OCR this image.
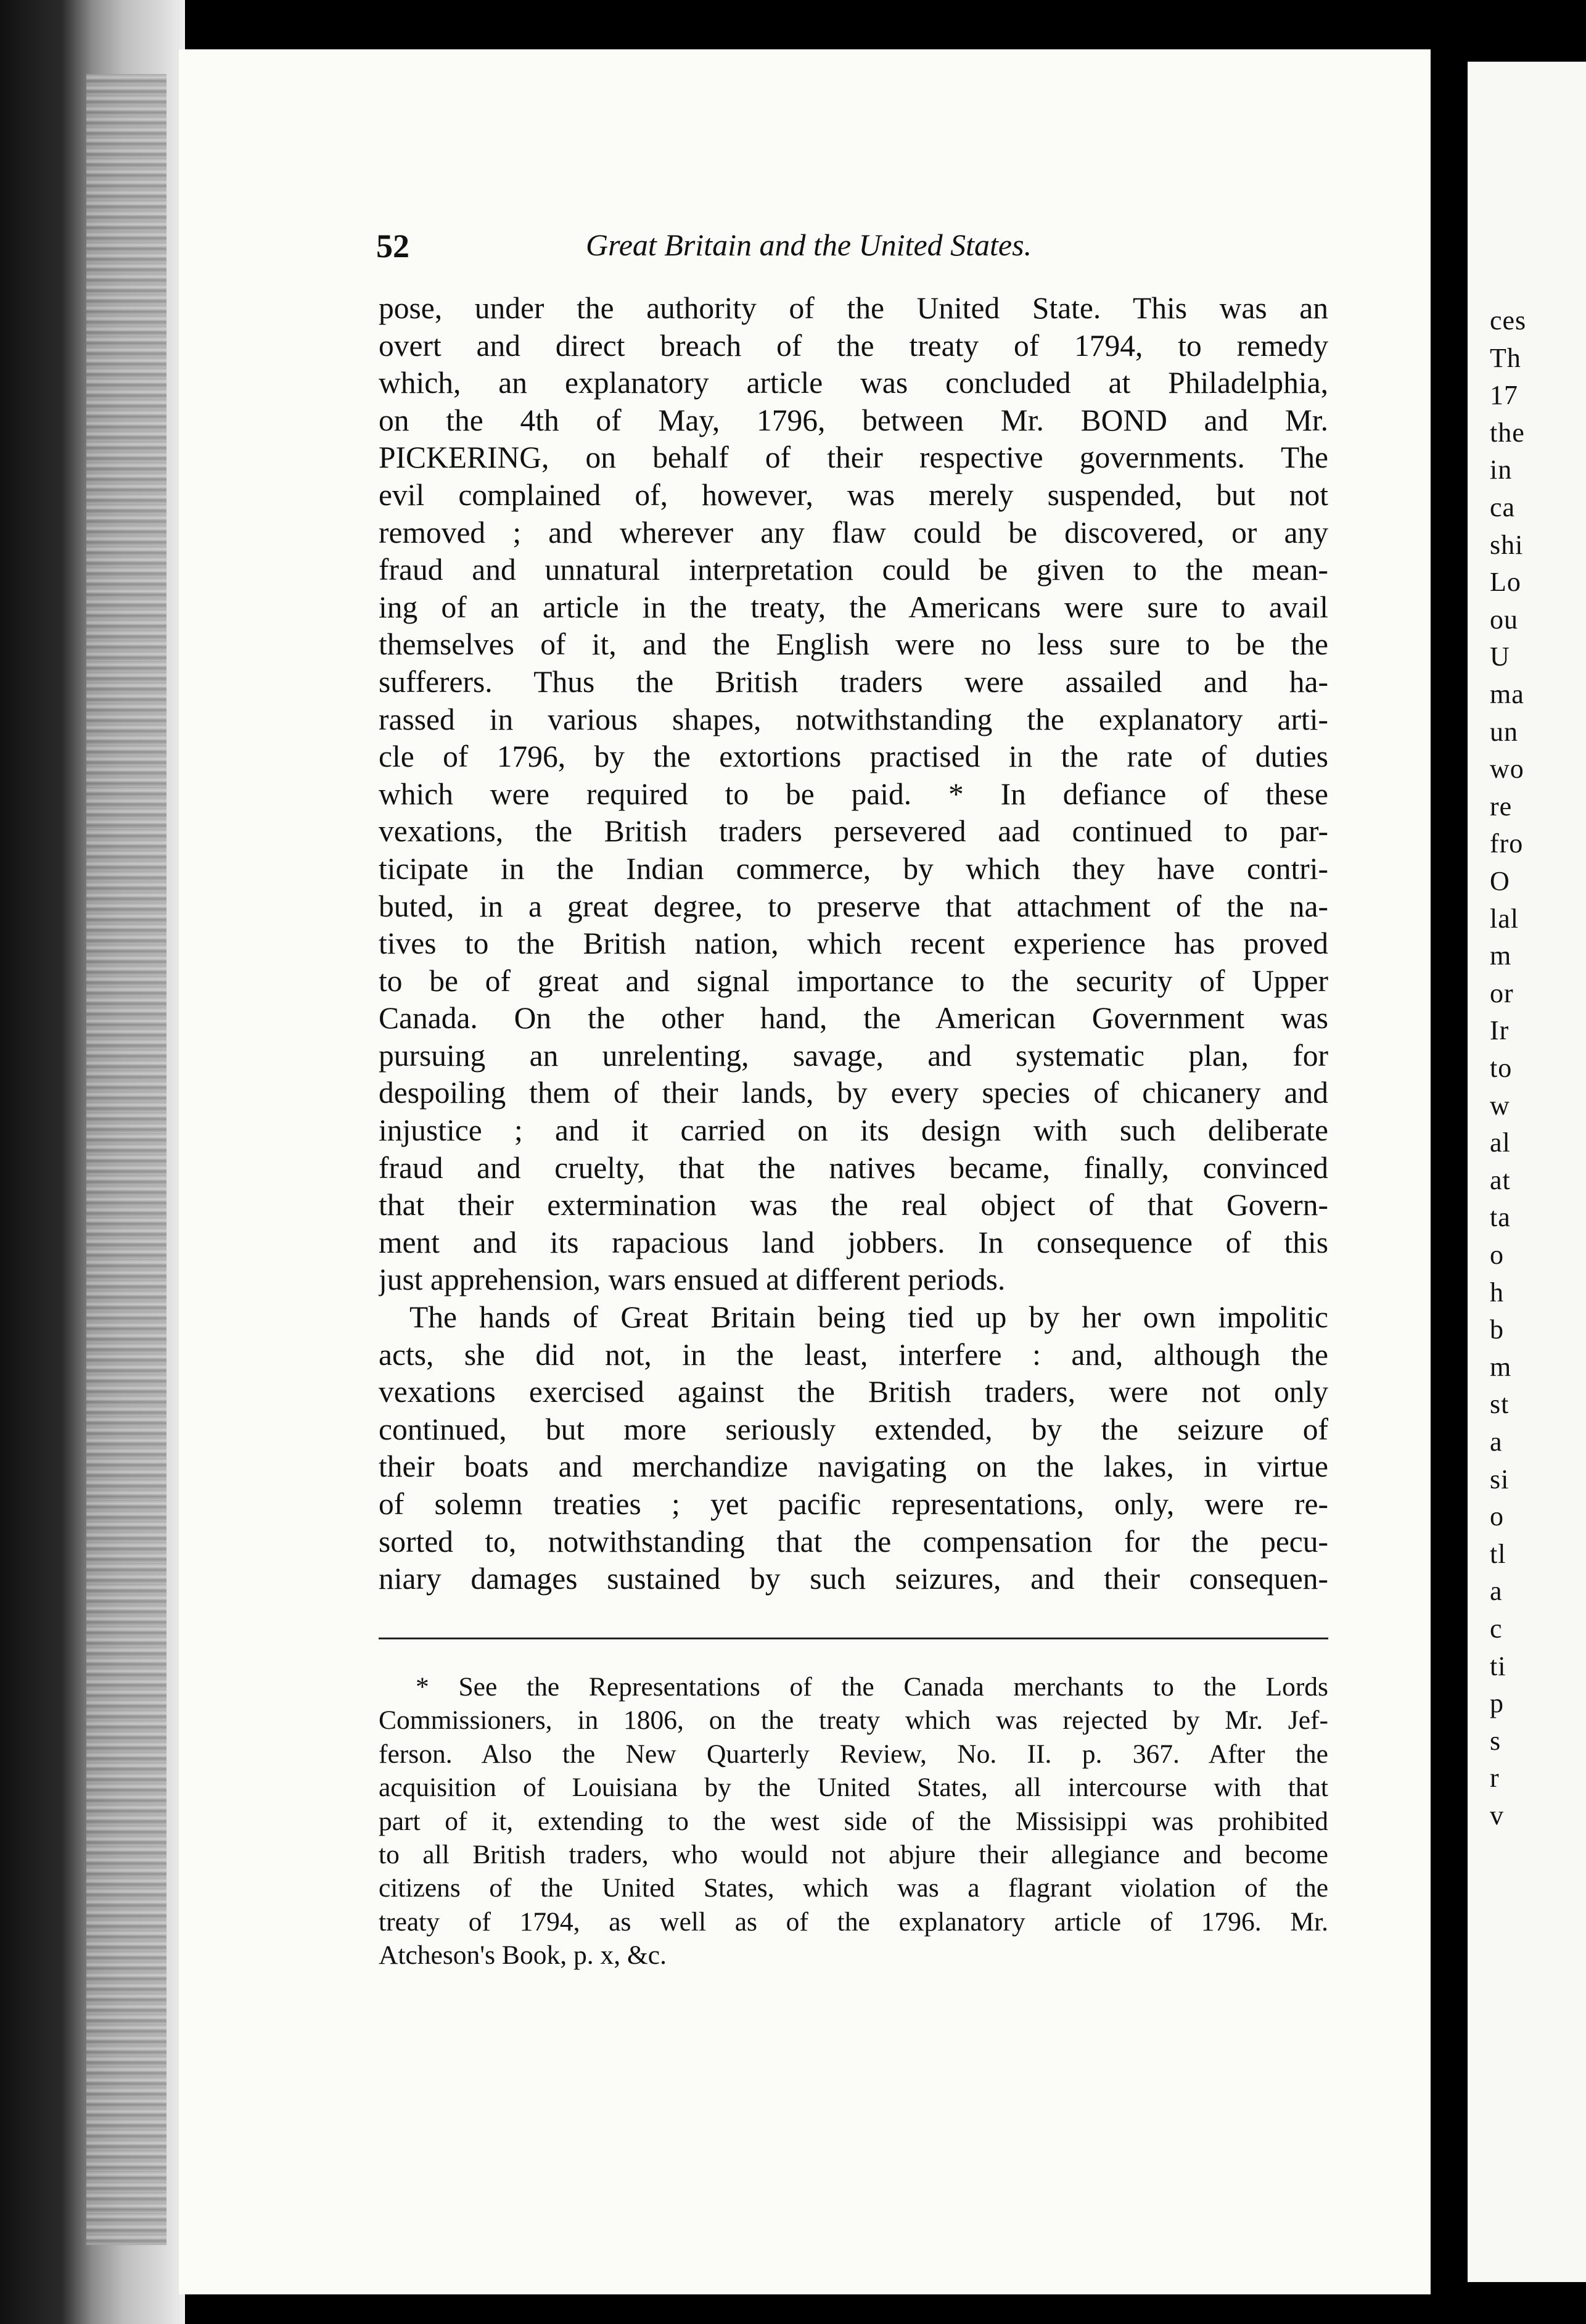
ces
Th
17
the
in
ca
shi
Lo
ou
U
ma
un
wo
re
fro
O
lal
m
or
Ir
to
w
al
at
ta
o
h
b
m
st
a
si
o
tl
a
c
ti
p
s
r
v
52	Great Britain and the United States.
pose, under the authority of the United State. This was an
overt and direct breach of the treaty of 1794, to remedy
which, an explanatory article was concluded at Philadelphia,
on the 4th of May, 1796, between Mr. BOND and Mr.
PICKERING, on behalf of their respective governments. The
evil complained of, however, was merely suspended, but not
removed ; and wherever any flaw could be discovered, or any
fraud and unnatural interpretation could be given to the mean-
ing of an article in the treaty, the Americans were sure to avail
themselves of it, and the English were no less sure to be the
sufferers. Thus the British traders were assailed and ha-
rassed in various shapes, notwithstanding the explanatory arti-
cle of 1796, by the extortions practised in the rate of duties
which were required to be paid. * In defiance of these
vexations, the British traders persevered aad continued to par-
ticipate in the Indian commerce, by which they have contri-
buted, in a great degree, to preserve that attachment of the na-
tives to the British nation, which recent experience has proved
to be of great and signal importance to the security of Upper
Canada. On the other hand, the American Government was
pursuing an unrelenting, savage, and systematic plan, for
despoiling them of their lands, by every species of chicanery and
injustice ; and it carried on its design with such deliberate
fraud and cruelty, that the natives became, finally, convinced
that their extermination was the real object of that Govern-
ment and its rapacious land jobbers. In consequence of this
just apprehension, wars ensued at different periods.
The hands of Great Britain being tied up by her own impolitic
acts, she did not, in the least, interfere : and, although the
vexations exercised against the British traders, were not only
continued, but more seriously extended, by the seizure of
their boats and merchandize navigating on the lakes, in virtue
of solemn treaties ; yet pacific representations, only, were re-
sorted to, notwithstanding that the compensation for the pecu-
niary damages sustained by such seizures, and their consequen-
* See the Representations of the Canada merchants to the Lords
Commissioners, in 1806, on the treaty which was rejected by Mr. Jef-
ferson. Also the New Quarterly Review, No. II. p. 367. After the
acquisition of Louisiana by the United States, all intercourse with that
part of it, extending to the west side of the Missisippi was prohibited
to all British traders, who would not abjure their allegiance and become
citizens of the United States, which was a flagrant violation of the
treaty of 1794, as well as of the explanatory article of 1796. Mr.
Atcheson's Book, p. x, &c.
